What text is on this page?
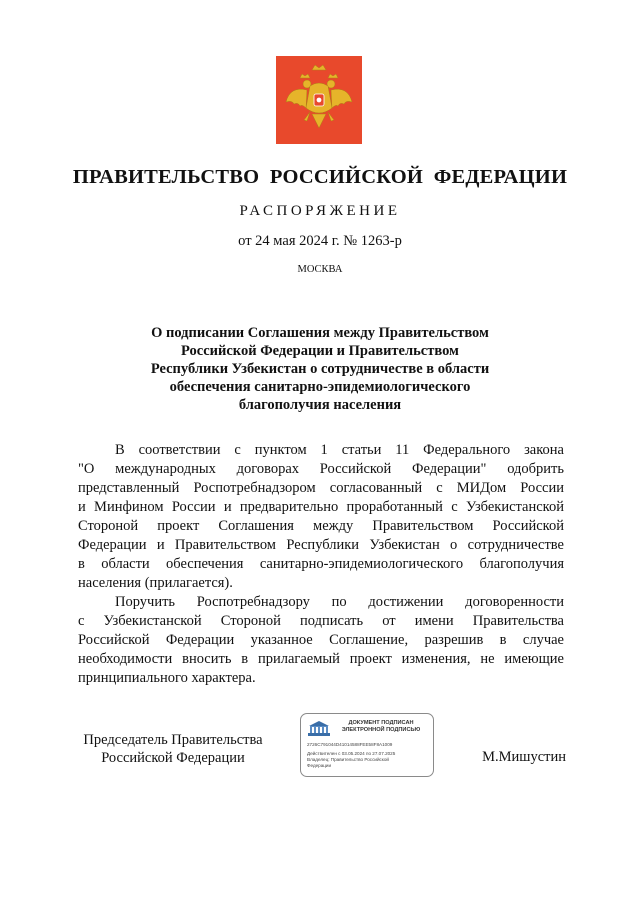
ПРАВИТЕЛЬСТВО  РОССИЙСКОЙ  ФЕДЕРАЦИИ
РАСПОРЯЖЕНИЕ
от 24 мая 2024 г. № 1263-р
МОСКВА
О подписании Соглашения между Правительством
Российской Федерации и Правительством
Республики Узбекистан о сотрудничестве в области
обеспечения санитарно-эпидемиологического
благополучия населения
В соответствии с пунктом 1 статьи 11 Федерального закона
"О международных договорах Российской Федерации" одобрить
представленный Роспотребнадзором согласованный с МИДом России
и Минфином России и предварительно проработанный с Узбекистанской
Стороной проект Соглашения между Правительством Российской
Федерации и Правительством Республики Узбекистан о сотрудничестве
в области обеспечения санитарно-эпидемиологического благополучия
населения (прилагается).
Поручить Роспотребнадзору по достижении договоренности
с Узбекистанской Стороной подписать от имени Правительства
Российской Федерации указанное Соглашение, разрешив в случае
необходимости вносить в прилагаемый проект изменения, не имеющие
принципиального характера.
Председатель Правительства
Российской Федерации
ДОКУМЕНТ ПОДПИСАН
ЭЛЕКТРОННОЙ ПОДПИСЬЮ
2726C791044D41014588FEE58F8A1009
Действителен с 03.05.2024 по 27.07.2025
Владелец: Правительство Российской
Федерации
М.Мишустин
